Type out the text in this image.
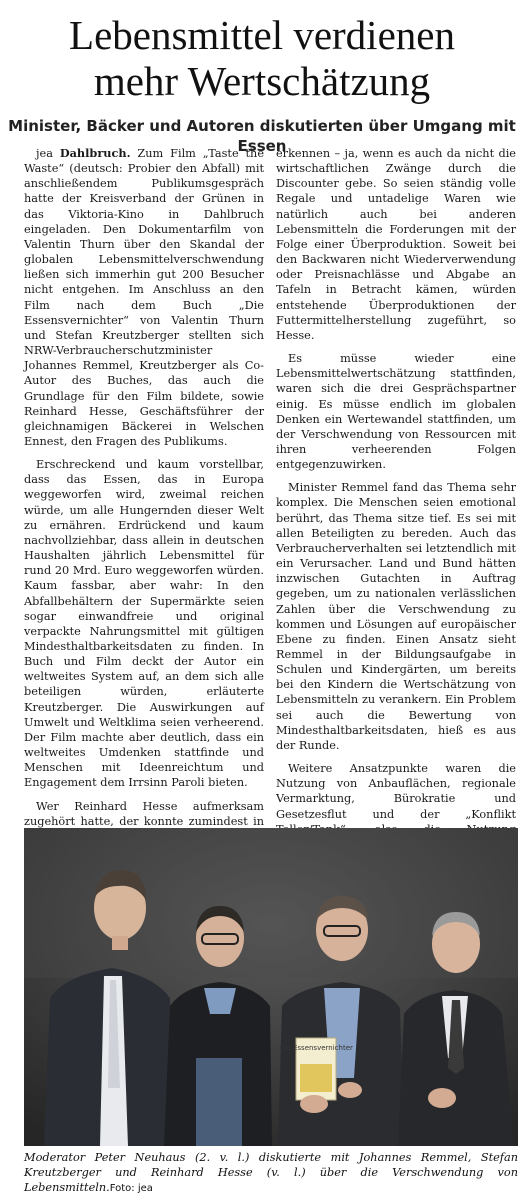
Lebensmittel verdienen
mehr Wertschätzung
Minister, Bäcker und Autoren diskutierten über Umgang mit Essen

jea Dahlbruch. Zum Film „Taste the Waste“ (deutsch: Probier den Abfall) mit anschließendem Publikumsgespräch hatte der Kreisverband der Grünen in das Viktoria-Kino in Dahlbruch eingeladen. Den Dokumentarfilm von Valentin Thurn über den Skandal der globalen Lebensmittelverschwendung ließen sich immerhin gut 200 Besucher nicht entgehen. Im Anschluss an den Film nach dem Buch „Die Essensvernichter“ von Valentin Thurn und Stefan Kreutzberger stellten sich NRW-Verbraucherschutzminister Johannes Remmel, Kreutzberger als Co-Autor des Buches, das auch die Grundlage für den Film bildete, sowie Reinhard Hesse, Geschäftsführer der gleichnamigen Bäckerei in Welschen Ennest, den Fragen des Publikums.

Erschreckend und kaum vorstellbar, dass das Essen, das in Europa weggeworfen wird, zweimal reichen würde, um alle Hungernden dieser Welt zu ernähren. Erdrückend und kaum nachvollziehbar, dass allein in deutschen Haushalten jährlich Lebensmittel für rund 20 Mrd. Euro weggeworfen würden. Kaum fassbar, aber wahr: In den Abfallbehältern der Supermärkte seien sogar einwandfreie und original verpackte Nahrungsmittel mit gültigen Mindesthaltbarkeitsdaten zu finden. In Buch und Film deckt der Autor ein weltweites System auf, an dem sich alle beteiligen würden, erläuterte Kreutzberger. Die Auswirkungen auf Umwelt und Weltklima seien verheerend. Der Film machte aber deutlich, dass ein weltweites Umdenken stattfinde und Menschen mit Ideenreichtum und Engagement dem Irrsinn Paroli bieten.

Wer Reinhard Hesse aufmerksam zugehört hatte, der konnte zumindest in

erkennen – ja, wenn es auch da nicht die wirtschaftlichen Zwänge durch die Discounter gebe. So seien ständig volle Regale und untadelige Waren wie natürlich auch bei anderen Lebensmitteln die Forderungen mit der Folge einer Überproduktion. Soweit bei den Backwaren nicht Wiederverwendung oder Preisnachlässe und Abgabe an Tafeln in Betracht kämen, würden entstehende Überproduktionen der Futtermittelherstellung zugeführt, so Hesse.

Es müsse wieder eine Lebensmittelwertschätzung stattfinden, waren sich die drei Gesprächspartner einig. Es müsse endlich im globalen Denken ein Wertewandel stattfinden, um der Verschwendung von Ressourcen mit ihren verheerenden Folgen entgegenzuwirken.

Minister Remmel fand das Thema sehr komplex. Die Menschen seien emotional berührt, das Thema sitze tief. Es sei mit allen Beteiligten zu bereden. Auch das Verbraucherverhalten sei letztendlich mit ein Verursacher. Land und Bund hätten inzwischen Gutachten in Auftrag gegeben, um zu nationalen verlässlichen Zahlen über die Verschwendung zu kommen und Lösungen auf europäischer Ebene zu finden. Einen Ansatz sieht Remmel in der Bildungsaufgabe in Schulen und Kindergärten, um bereits bei den Kindern die Wertschätzung von Lebensmitteln zu verankern. Ein Problem sei auch die Bewertung von Mindesthaltbarkeitsdaten, hieß es aus der Runde.

Weitere Ansatzpunkte waren die Nutzung von Anbauflächen, regionale Vermarktung, Bürokratie und Gesetzesflut und der „Konflikt

Die Essensvernichter
Moderator Peter Neuhaus (2. v. l.) diskutierte mit Johannes Remmel, Stefan Kreutzberger und Reinhard Hesse (v. l.) über die Verschwendung von Lebensmitteln.Foto: jea
